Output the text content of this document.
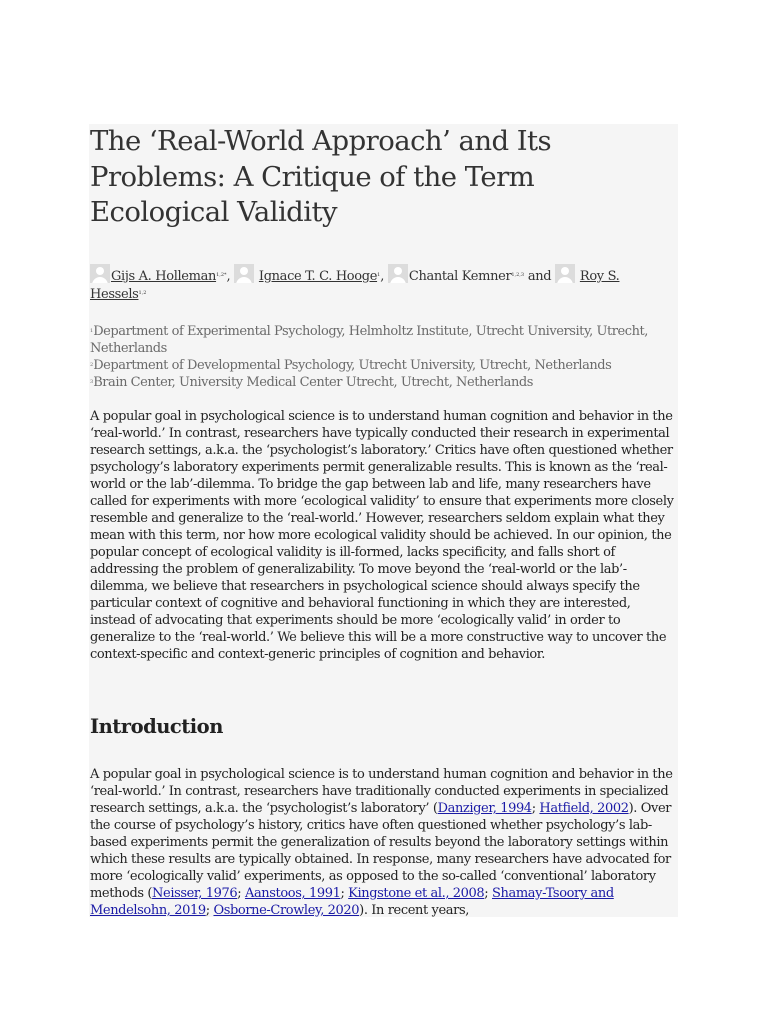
The ‘Real-World Approach’ and Its Problems: A Critique of the Term Ecological Validity
Gijs A. Holleman$^{1,2*}$, Ignace T. C. Hooge$^1$, Chantal Kemner$^{1,2,3}$ and Roy S. Hessels$^{1,2}$
$^1$Department of Experimental Psychology, Helmholtz Institute, Utrecht University, Utrecht, Netherlands
$^2$Department of Developmental Psychology, Utrecht University, Utrecht, Netherlands
$^3$Brain Center, University Medical Center Utrecht, Utrecht, Netherlands

A popular goal in psychological science is to understand human cognition and behavior in the ‘real-world.’ In contrast, researchers have typically conducted their research in experimental research settings, a.k.a. the ‘psychologist’s laboratory.’ Critics have often questioned whether psychology’s laboratory experiments permit generalizable results. This is known as the ‘real-world or the lab’-dilemma. To bridge the gap between lab and life, many researchers have called for experiments with more ‘ecological validity’ to ensure that experiments more closely resemble and generalize to the ‘real-world.’ However, researchers seldom explain what they mean with this term, nor how more ecological validity should be achieved. In our opinion, the popular concept of ecological validity is ill-formed, lacks specificity, and falls short of addressing the problem of generalizability. To move beyond the ‘real-world or the lab’-dilemma, we believe that researchers in psychological science should always specify the particular context of cognitive and behavioral functioning in which they are interested, instead of advocating that experiments should be more ‘ecologically valid’ in order to generalize to the ‘real-world.’ We believe this will be a more constructive way to uncover the context-specific and context-generic principles of cognition and behavior.

Introduction

A popular goal in psychological science is to understand human cognition and behavior in the ‘real-world.’ In contrast, researchers have traditionally conducted experiments in specialized research settings, a.k.a. the ‘psychologist’s laboratory’ (Danziger, 1994; Hatfield, 2002). Over the course of psychology’s history, critics have often questioned whether psychology’s lab-based experiments permit the generalization of results beyond the laboratory settings within which these results are typically obtained. In response, many researchers have advocated for more ‘ecologically valid’ experiments, as opposed to the so-called ‘conventional’ laboratory methods (Neisser, 1976; Aanstoos, 1991; Kingstone et al., 2008; Shamay-Tsoory and Mendelsohn, 2019; Osborne-Crowley, 2020). In recent years,
